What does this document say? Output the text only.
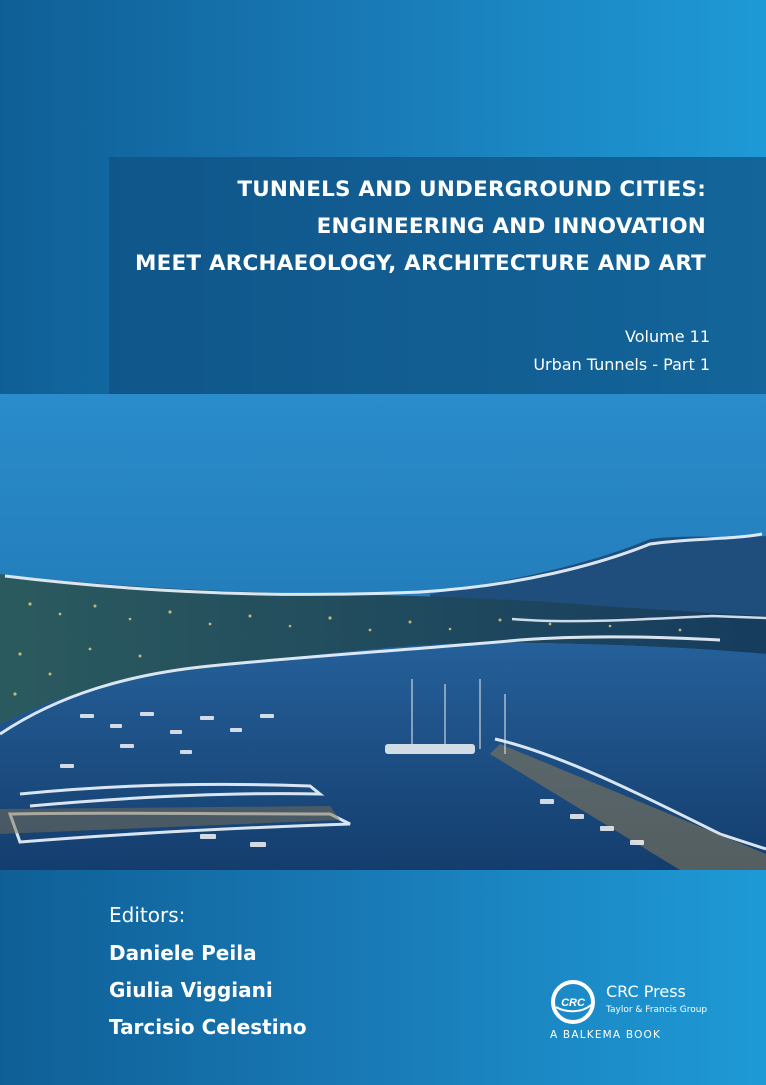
TUNNELS AND UNDERGROUND CITIES:
ENGINEERING AND INNOVATION
MEET ARCHAEOLOGY, ARCHITECTURE AND ART
Volume 11
Urban Tunnels - Part 1
Editors:
Daniele Peila
Giulia Viggiani
Tarcisio Celestino
CRC
CRC Press
Taylor & Francis Group
A BALKEMA BOOK
